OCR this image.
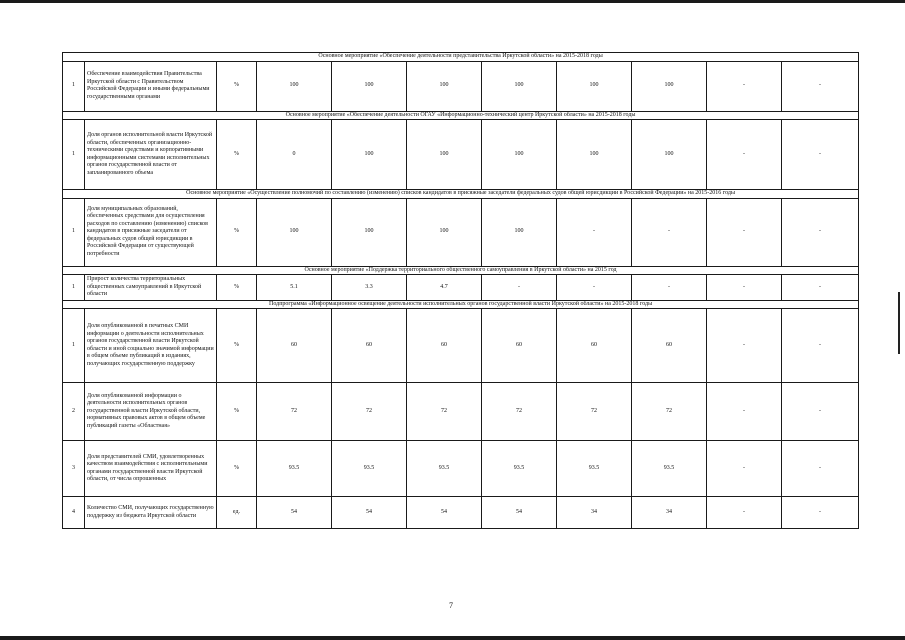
Основное мероприятие «Обеспечение деятельности представительства Иркутской области» на 2015-2018 годы										
1	Обеспечение взаимодействия Правительства Иркутской области с Правительством Российской Федерации и иными федеральными государственными органами	%	100	100	100	100	100	100	-	-
Основное мероприятие «Обеспечение деятельности ОГАУ «Информационно-технический центр Иркутской области» на 2015-2018 годы										
1	Доля органов исполнительной власти Иркутской области, обеспеченных организационно-техническими средствами и корпоративными информационными системами исполнительных органов государственной власти от запланированного объема	%	0	100	100	100	100	100	-	-
Основное мероприятие «Осуществление полномочий по составлению (изменению) списков кандидатов в присяжные заседатели федеральных судов общей юрисдикции в Российской Федерации» на 2015-2016 годы										
1	Доля муниципальных образований, обеспеченных средствами для осуществления расходов по составлению (изменению) списков кандидатов в присяжные заседатели от федеральных судов общей юрисдикции в Российской Федерации от существующей потребности	%	100	100	100	100	-	-	-	-
Основное мероприятие «Поддержка территориального общественного самоуправления в Иркутской области» на 2015 год										
1	Прирост количества территориальных общественных самоуправлений в Иркутской области	%	5.1	3.3	4.7	-	-	-	-	-
Подпрограмма «Информационное освещение деятельности исполнительных органов государственной власти Иркутской области» на 2015-2018 годы										
1	Доля опубликованной в печатных СМИ информации о деятельности исполнительных органов государственной власти Иркутской области и иной социально значимой информации в общем объеме публикаций в изданиях, получающих государственную поддержку	%	60	60	60	60	60	60	-	-
2	Доля опубликованной информации о деятельности исполнительных органов государственной власти Иркутской области, нормативных правовых актов в общем объеме публикаций газеты «Областная»	%	72	72	72	72	72	72	-	-
3	Доля представителей СМИ, удовлетворенных качеством взаимодействия с исполнительными органами государственной власти Иркутской области, от числа опрошенных	%	93.5	93.5	93.5	93.5	93.5	93.5	-	-
4	Количество СМИ, получающих государственную поддержку из бюджета Иркутской области	ед.	54	54	54	54	34	34	-	-
7
